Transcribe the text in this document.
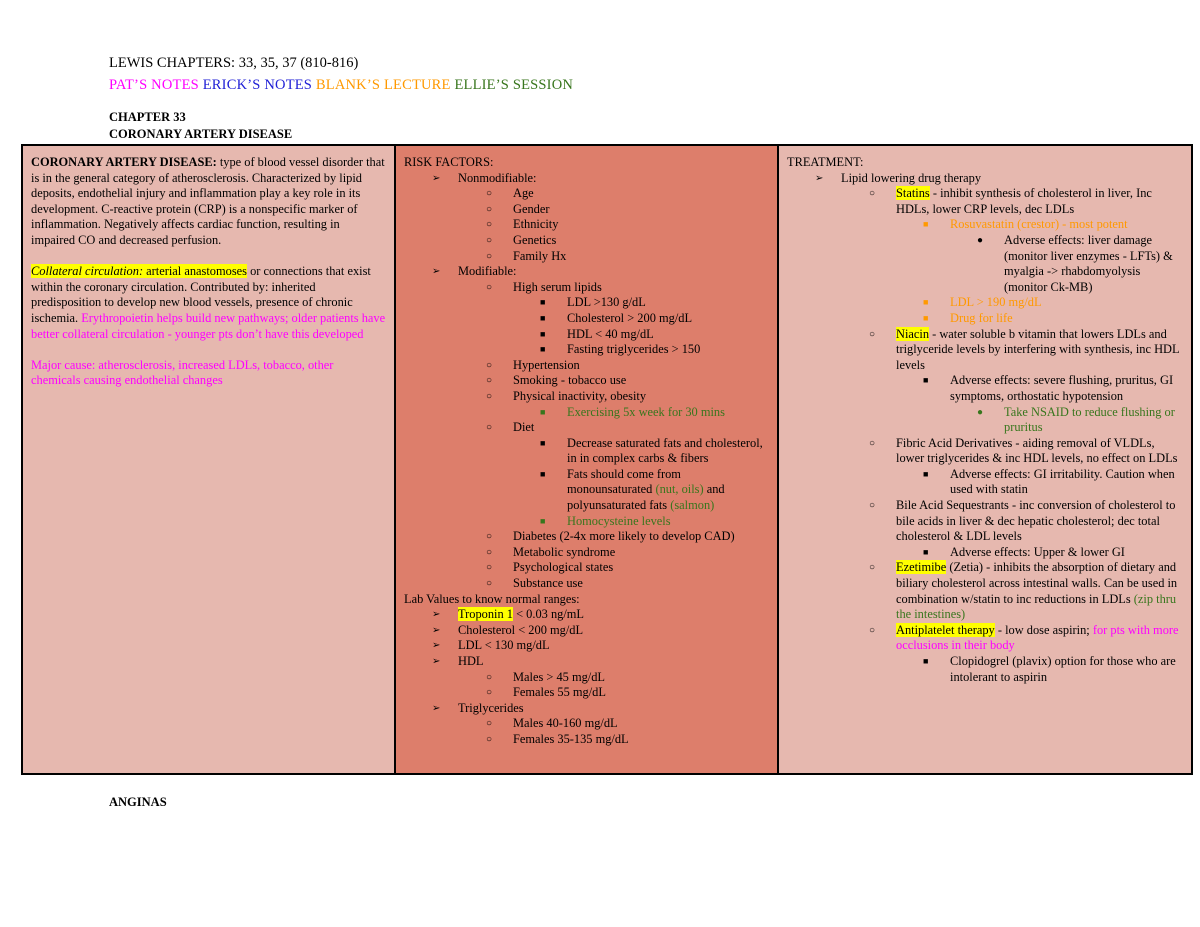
LEWIS CHAPTERS: 33, 35, 37 (810-816)
PAT’S NOTES ERICK’S NOTES BLANK’S LECTURE ELLIE’S SESSION
CHAPTER 33
CORONARY ARTERY DISEASE

CORONARY ARTERY DISEASE: type of blood vessel disorder that is in the general category of atherosclerosis. Characterized by lipid deposits, endothelial injury and inflammation play a key role in its development. C-reactive protein (CRP) is a nonspecific marker of inflammation. Negatively affects cardiac function, resulting in impaired CO and decreased perfusion.

Collateral circulation: arterial anastomoses or connections that exist within the coronary circulation. Contributed by: inherited predisposition to develop new blood vessels, presence of chronic ischemia. Erythropoietin helps build new pathways; older patients have better collateral circulation - younger pts don’t have this developed

Major cause: atherosclerosis, increased LDLs, tobacco, other chemicals causing endothelial changes

RISK FACTORS:
➢ Nonmodifiable:
○ Age
○ Gender
○ Ethnicity
○ Genetics
○ Family Hx
➢ Modifiable:
○ High serum lipids
■ LDL >130 g/dL
■ Cholesterol > 200 mg/dL
■ HDL < 40 mg/dL
■ Fasting triglycerides > 150
○ Hypertension
○ Smoking - tobacco use
○ Physical inactivity, obesity
■ Exercising 5x week for 30 mins
○ Diet
■ Decrease saturated fats and cholesterol, in in complex carbs & fibers
■ Fats should come from monounsaturated (nut, oils) and polyunsaturated fats (salmon)
■ Homocysteine levels
○ Diabetes (2-4x more likely to develop CAD)
○ Metabolic syndrome
○ Psychological states
○ Substance use
Lab Values to know normal ranges:
➢ Troponin 1 < 0.03 ng/mL
➢ Cholesterol < 200 mg/dL
➢ LDL < 130 mg/dL
➢ HDL
○ Males > 45 mg/dL
○ Females 55 mg/dL
➢ Triglycerides
○ Males 40-160 mg/dL
○ Females 35-135 mg/dL

TREATMENT:
➢ Lipid lowering drug therapy
○ Statins - inhibit synthesis of cholesterol in liver, Inc HDLs, lower CRP levels, dec LDLs
■ Rosuvastatin (crestor) - most potent
● Adverse effects: liver damage (monitor liver enzymes - LFTs) & myalgia -> rhabdomyolysis (monitor Ck-MB)
■ LDL > 190 mg/dL
■ Drug for life
○ Niacin - water soluble b vitamin that lowers LDLs and triglyceride levels by interfering with synthesis, inc HDL levels
■ Adverse effects: severe flushing, pruritus, GI symptoms, orthostatic hypotension
● Take NSAID to reduce flushing or pruritus
○ Fibric Acid Derivatives - aiding removal of VLDLs, lower triglycerides & inc HDL levels, no effect on LDLs
■ Adverse effects: GI irritability. Caution when used with statin
○ Bile Acid Sequestrants - inc conversion of cholesterol to bile acids in liver & dec hepatic cholesterol; dec total cholesterol & LDL levels
■ Adverse effects: Upper & lower GI
○ Ezetimibe (Zetia) - inhibits the absorption of dietary and biliary cholesterol across intestinal walls. Can be used in combination w/statin to inc reductions in LDLs (zip thru the intestines)
○ Antiplatelet therapy - low dose aspirin; for pts with more occlusions in their body
■ Clopidogrel (plavix) option for those who are intolerant to aspirin
ANGINAS
